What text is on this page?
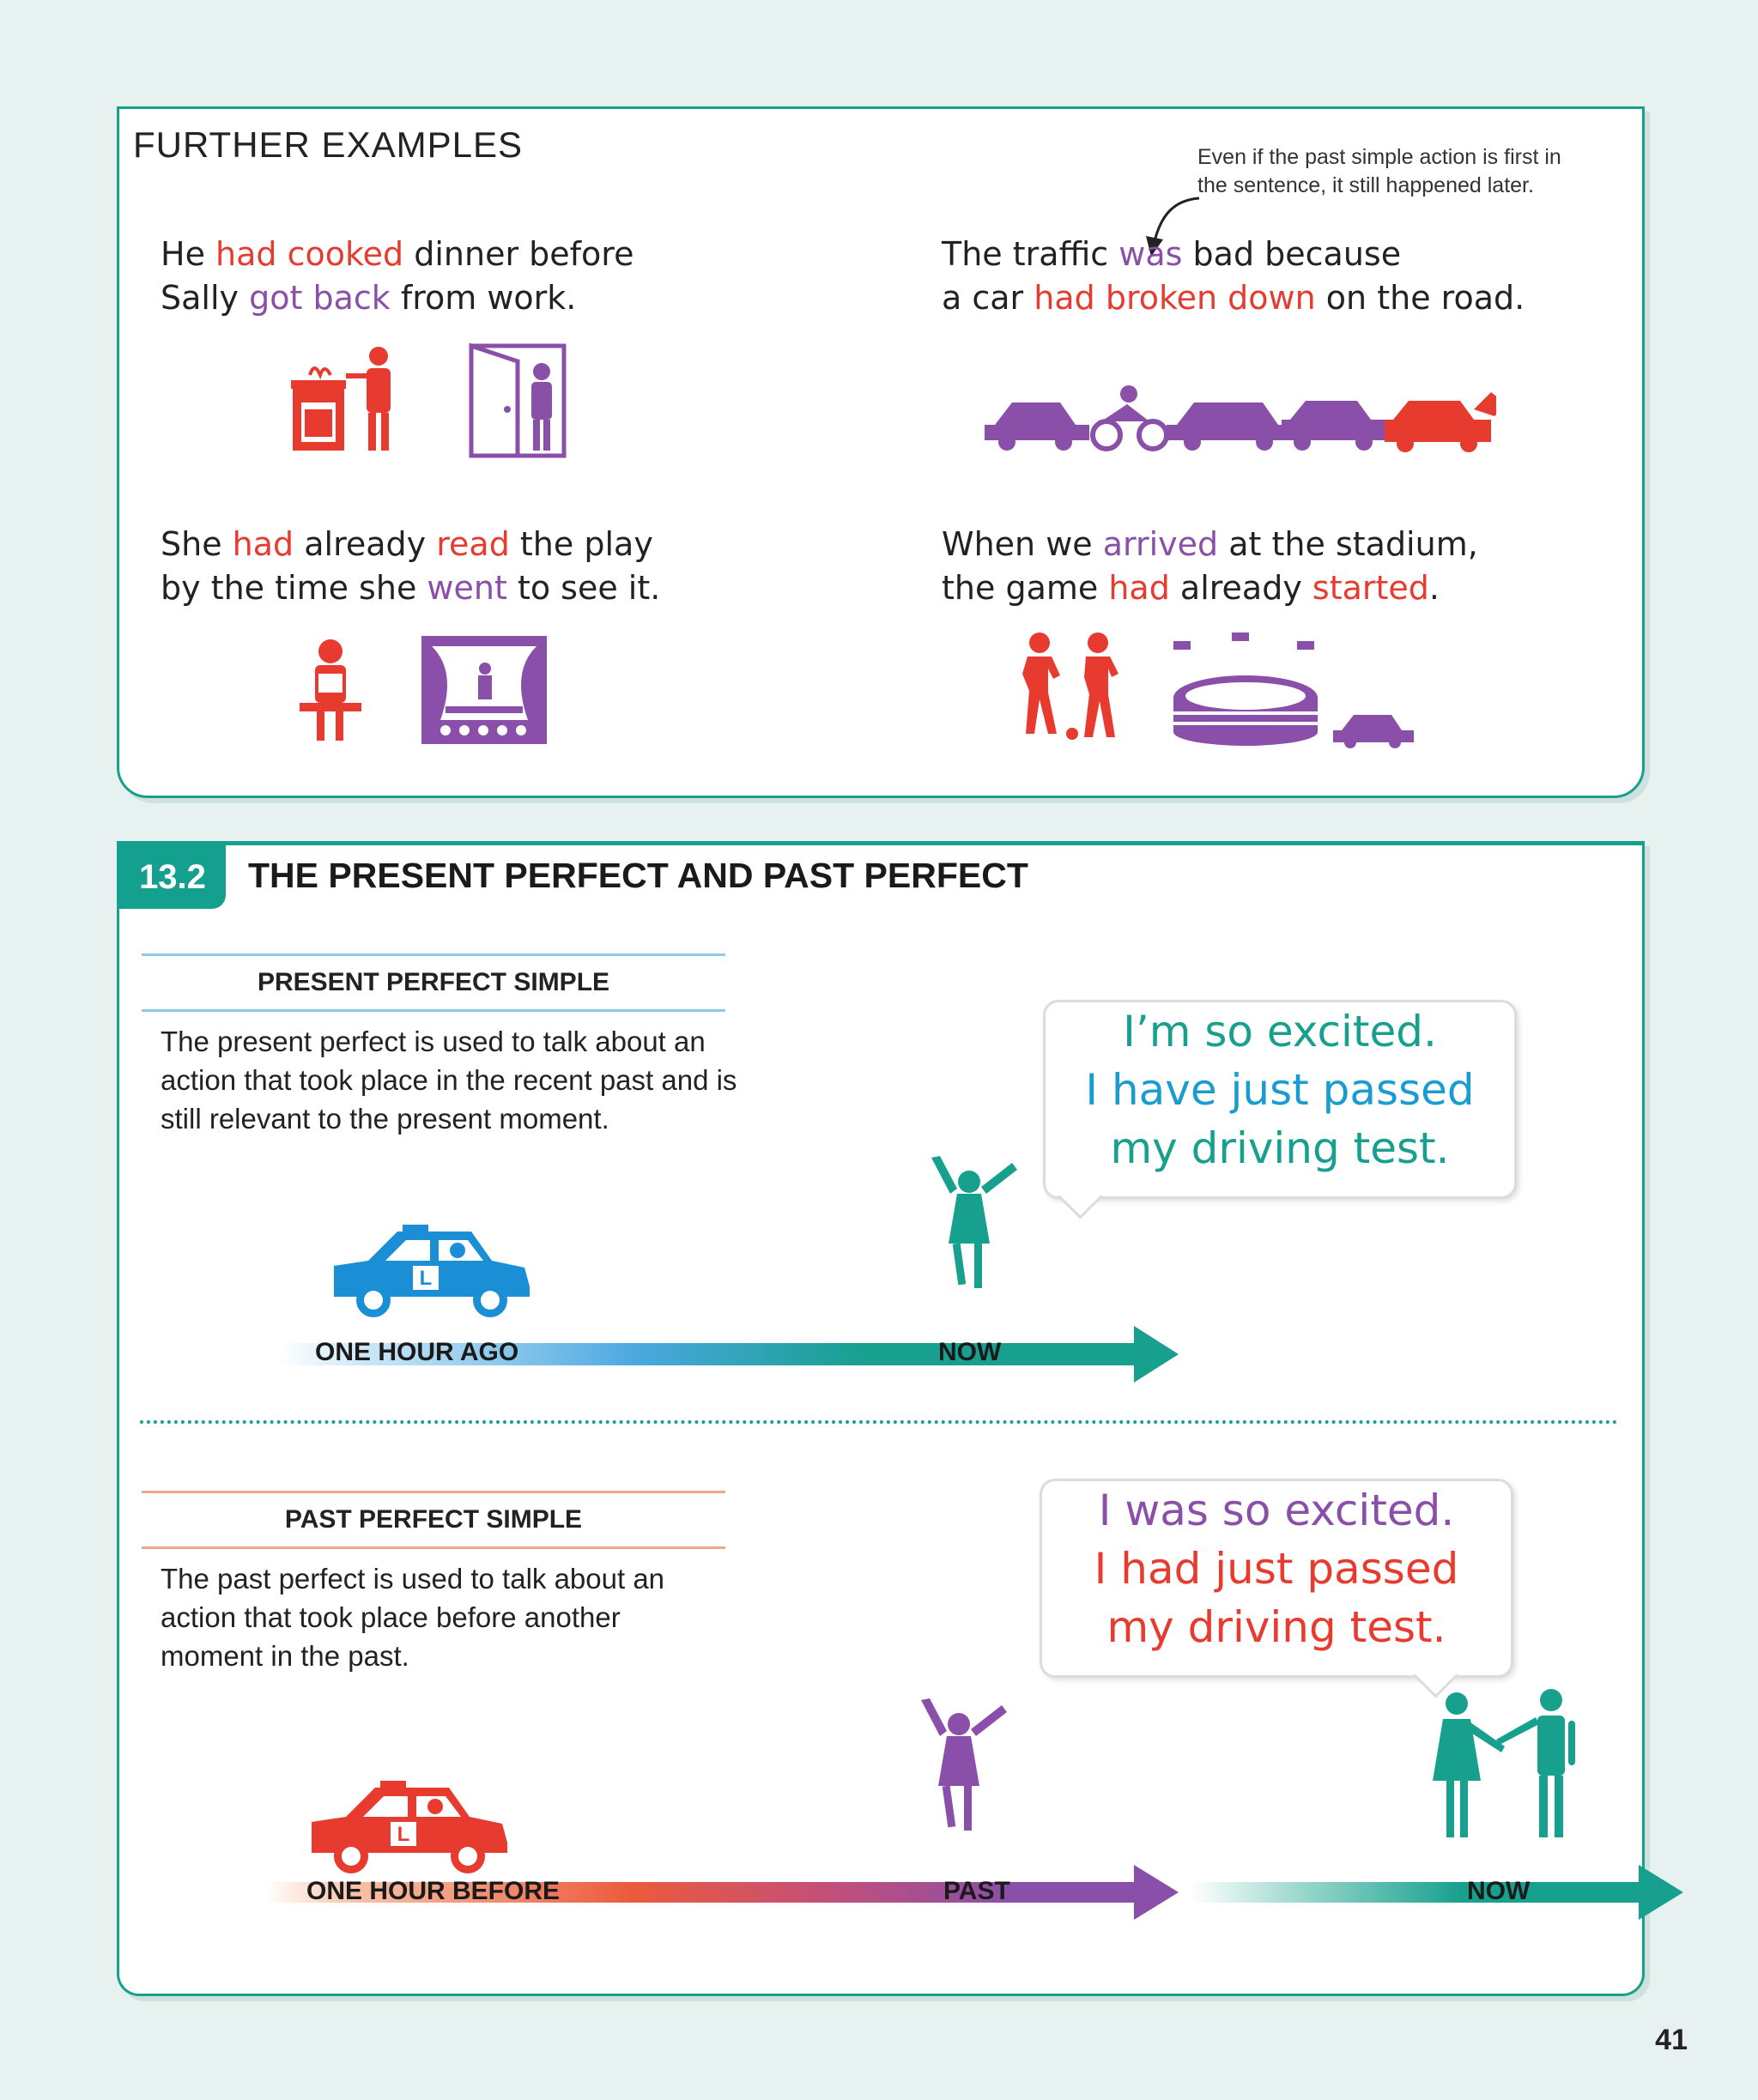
FURTHER EXAMPLES	Even if the past simple action is first in the sentence, it still happened later.
He had cooked dinner before
Sally got back from work.
The traffic was bad because
a car had broken down on the road.
She had already read the play
by the time she went to see it.
When we arrived at the stadium,
the game had already started.
13.2	THE PRESENT PERFECT AND PAST PERFECT
PRESENT PERFECT SIMPLE
The present perfect is used to talk about an action that took place in the recent past and is still relevant to the present moment.
I’m so excited.
I have just passed
my driving test.
L
ONE HOUR AGO	NOW
PAST PERFECT SIMPLE
The past perfect is used to talk about an action that took place before another moment in the past.
I was so excited.
I had just passed
my driving test.
L
ONE HOUR BEFORE	PAST	NOW
41
